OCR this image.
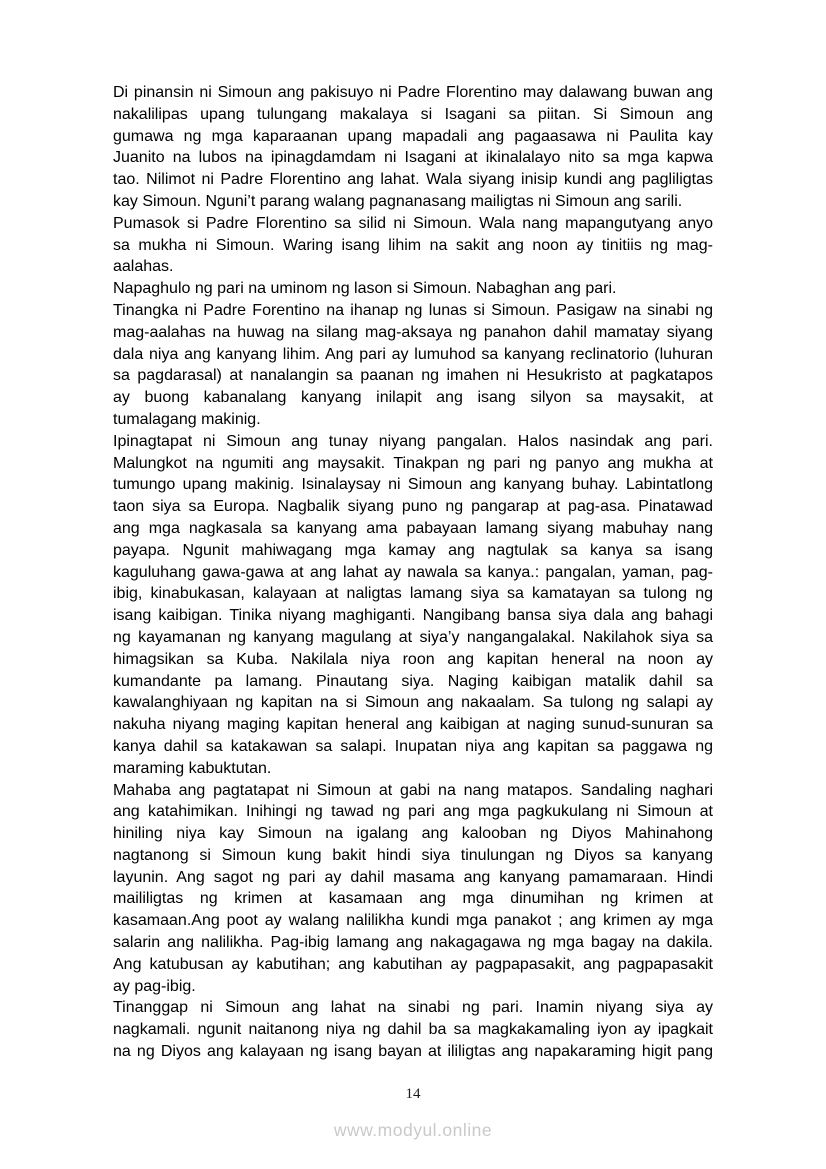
Di pinansin ni Simoun ang pakisuyo ni Padre Florentino may dalawang buwan ang
nakalilipas upang tulungang makalaya si Isagani sa piitan. Si Simoun ang
gumawa ng mga kaparaanan upang mapadali ang pagaasawa ni Paulita kay
Juanito na lubos na ipinagdamdam ni Isagani at ikinalalayo nito sa mga kapwa
tao. Nilimot ni Padre Florentino ang lahat. Wala siyang inisip kundi ang pagliligtas
kay Simoun. Nguni’t parang walang pagnanasang mailigtas ni Simoun ang sarili.
Pumasok si Padre Florentino sa silid ni Simoun. Wala nang mapangutyang anyo
sa mukha ni Simoun. Waring isang lihim na sakit ang noon ay tinitiis ng mag-
aalahas.
Napaghulo ng pari na uminom ng lason si Simoun. Nabaghan ang pari.
Tinangka ni Padre Forentino na ihanap ng lunas si Simoun. Pasigaw na sinabi ng
mag-aalahas na huwag na silang mag-aksaya ng panahon dahil mamatay siyang
dala niya ang kanyang lihim. Ang pari ay lumuhod sa kanyang reclinatorio (luhuran
sa pagdarasal) at nanalangin sa paanan ng imahen ni Hesukristo at pagkatapos
ay buong kabanalang kanyang inilapit ang isang silyon sa maysakit, at
tumalagang makinig.
Ipinagtapat ni Simoun ang tunay niyang pangalan. Halos nasindak ang pari.
Malungkot na ngumiti ang maysakit. Tinakpan ng pari ng panyo ang mukha at
tumungo upang makinig. Isinalaysay ni Simoun ang kanyang buhay. Labintatlong
taon siya sa Europa. Nagbalik siyang puno ng pangarap at pag-asa. Pinatawad
ang mga nagkasala sa kanyang ama pabayaan lamang siyang mabuhay nang
payapa. Ngunit mahiwagang mga kamay ang nagtulak sa kanya sa isang
kaguluhang gawa-gawa at ang lahat ay nawala sa kanya.: pangalan, yaman, pag-
ibig, kinabukasan, kalayaan at naligtas lamang siya sa kamatayan sa tulong ng
isang kaibigan. Tinika niyang maghiganti. Nangibang bansa siya dala ang bahagi
ng kayamanan ng kanyang magulang at siya’y nangangalakal. Nakilahok siya sa
himagsikan sa Kuba. Nakilala niya roon ang kapitan heneral na noon ay
kumandante pa lamang. Pinautang siya. Naging kaibigan matalik dahil sa
kawalanghiyaan ng kapitan na si Simoun ang nakaalam. Sa tulong ng salapi ay
nakuha niyang maging kapitan heneral ang kaibigan at naging sunud-sunuran sa
kanya dahil sa katakawan sa salapi. Inupatan niya ang kapitan sa paggawa ng
maraming kabuktutan.
Mahaba ang pagtatapat ni Simoun at gabi na nang matapos. Sandaling naghari
ang katahimikan. Inihingi ng tawad ng pari ang mga pagkukulang ni Simoun at
hiniling niya kay Simoun na igalang ang kalooban ng Diyos Mahinahong
nagtanong si Simoun kung bakit hindi siya tinulungan ng Diyos sa kanyang
layunin. Ang sagot ng pari ay dahil masama ang kanyang pamamaraan. Hindi
maililigtas ng krimen at kasamaan ang mga dinumihan ng krimen at
kasamaan.Ang poot ay walang nalilikha kundi mga panakot ; ang krimen ay mga
salarin ang nalilikha. Pag-ibig lamang ang nakagagawa ng mga bagay na dakila.
Ang katubusan ay kabutihan; ang kabutihan ay pagpapasakit, ang pagpapasakit
ay pag-ibig.
Tinanggap ni Simoun ang lahat na sinabi ng pari. Inamin niyang siya ay
nagkamali. ngunit naitanong niya ng dahil ba sa magkakamaling iyon ay ipagkait
na ng Diyos ang kalayaan ng isang bayan at ililigtas ang napakaraming higit pang
14
www.modyul.online
